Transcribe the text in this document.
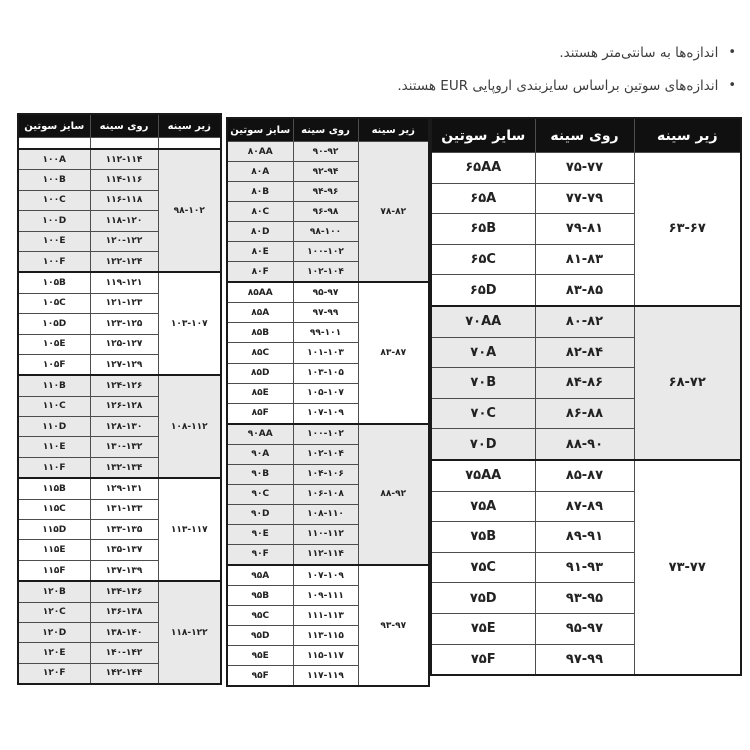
•
اندازه‌ها به سانتی‌متر هستند.
•
اندازه‌های سوتین براساس سایزبندی اروپایی EUR هستند.
سایز سوتین	روی سینه	زیر سینه

۱۰۰A	۱۱۲-۱۱۴	۹۸-۱۰۲
۱۰۰B	۱۱۴-۱۱۶	
۱۰۰C	۱۱۶-۱۱۸	
۱۰۰D	۱۱۸-۱۲۰	
۱۰۰E	۱۲۰-۱۲۲	
۱۰۰F	۱۲۲-۱۲۴	
۱۰۵B	۱۱۹-۱۲۱	۱۰۳-۱۰۷
۱۰۵C	۱۲۱-۱۲۳	
۱۰۵D	۱۲۳-۱۲۵	
۱۰۵E	۱۲۵-۱۲۷	
۱۰۵F	۱۲۷-۱۲۹	
۱۱۰B	۱۲۴-۱۲۶	۱۰۸-۱۱۲
۱۱۰C	۱۲۶-۱۲۸	
۱۱۰D	۱۲۸-۱۳۰	
۱۱۰E	۱۳۰-۱۳۲	
۱۱۰F	۱۳۲-۱۳۴	
۱۱۵B	۱۲۹-۱۳۱	۱۱۳-۱۱۷
۱۱۵C	۱۳۱-۱۳۳	
۱۱۵D	۱۳۳-۱۳۵	
۱۱۵E	۱۳۵-۱۳۷	
۱۱۵F	۱۳۷-۱۳۹	
۱۲۰B	۱۳۴-۱۳۶	۱۱۸-۱۲۲
۱۲۰C	۱۳۶-۱۳۸	
۱۲۰D	۱۳۸-۱۴۰	
۱۲۰E	۱۴۰-۱۴۲	
۱۲۰F	۱۴۲-۱۴۴	
سایز سوتین	روی سینه	زیر سینه
۸۰AA	۹۰-۹۲	۷۸-۸۲
۸۰A	۹۲-۹۴	
۸۰B	۹۴-۹۶	
۸۰C	۹۶-۹۸	
۸۰D	۹۸-۱۰۰	
۸۰E	۱۰۰-۱۰۲	
۸۰F	۱۰۲-۱۰۴	
۸۵AA	۹۵-۹۷	۸۳-۸۷
۸۵A	۹۷-۹۹	
۸۵B	۹۹-۱۰۱	
۸۵C	۱۰۱-۱۰۳	
۸۵D	۱۰۳-۱۰۵	
۸۵E	۱۰۵-۱۰۷	
۸۵F	۱۰۷-۱۰۹	
۹۰AA	۱۰۰-۱۰۲	۸۸-۹۲
۹۰A	۱۰۲-۱۰۴	
۹۰B	۱۰۴-۱۰۶	
۹۰C	۱۰۶-۱۰۸	
۹۰D	۱۰۸-۱۱۰	
۹۰E	۱۱۰-۱۱۲	
۹۰F	۱۱۲-۱۱۴	
۹۵A	۱۰۷-۱۰۹	۹۳-۹۷
۹۵B	۱۰۹-۱۱۱	
۹۵C	۱۱۱-۱۱۳	
۹۵D	۱۱۳-۱۱۵	
۹۵E	۱۱۵-۱۱۷	
۹۵F	۱۱۷-۱۱۹	
سایز سوتین	روی سینه	زیر سینه
۶۵AA	۷۵-۷۷	۶۳-۶۷
۶۵A	۷۷-۷۹	
۶۵B	۷۹-۸۱	
۶۵C	۸۱-۸۳	
۶۵D	۸۳-۸۵	
۷۰AA	۸۰-۸۲	۶۸-۷۲
۷۰A	۸۲-۸۴	
۷۰B	۸۴-۸۶	
۷۰C	۸۶-۸۸	
۷۰D	۸۸-۹۰	
۷۵AA	۸۵-۸۷	۷۳-۷۷
۷۵A	۸۷-۸۹	
۷۵B	۸۹-۹۱	
۷۵C	۹۱-۹۳	
۷۵D	۹۳-۹۵	
۷۵E	۹۵-۹۷	
۷۵F	۹۷-۹۹	
